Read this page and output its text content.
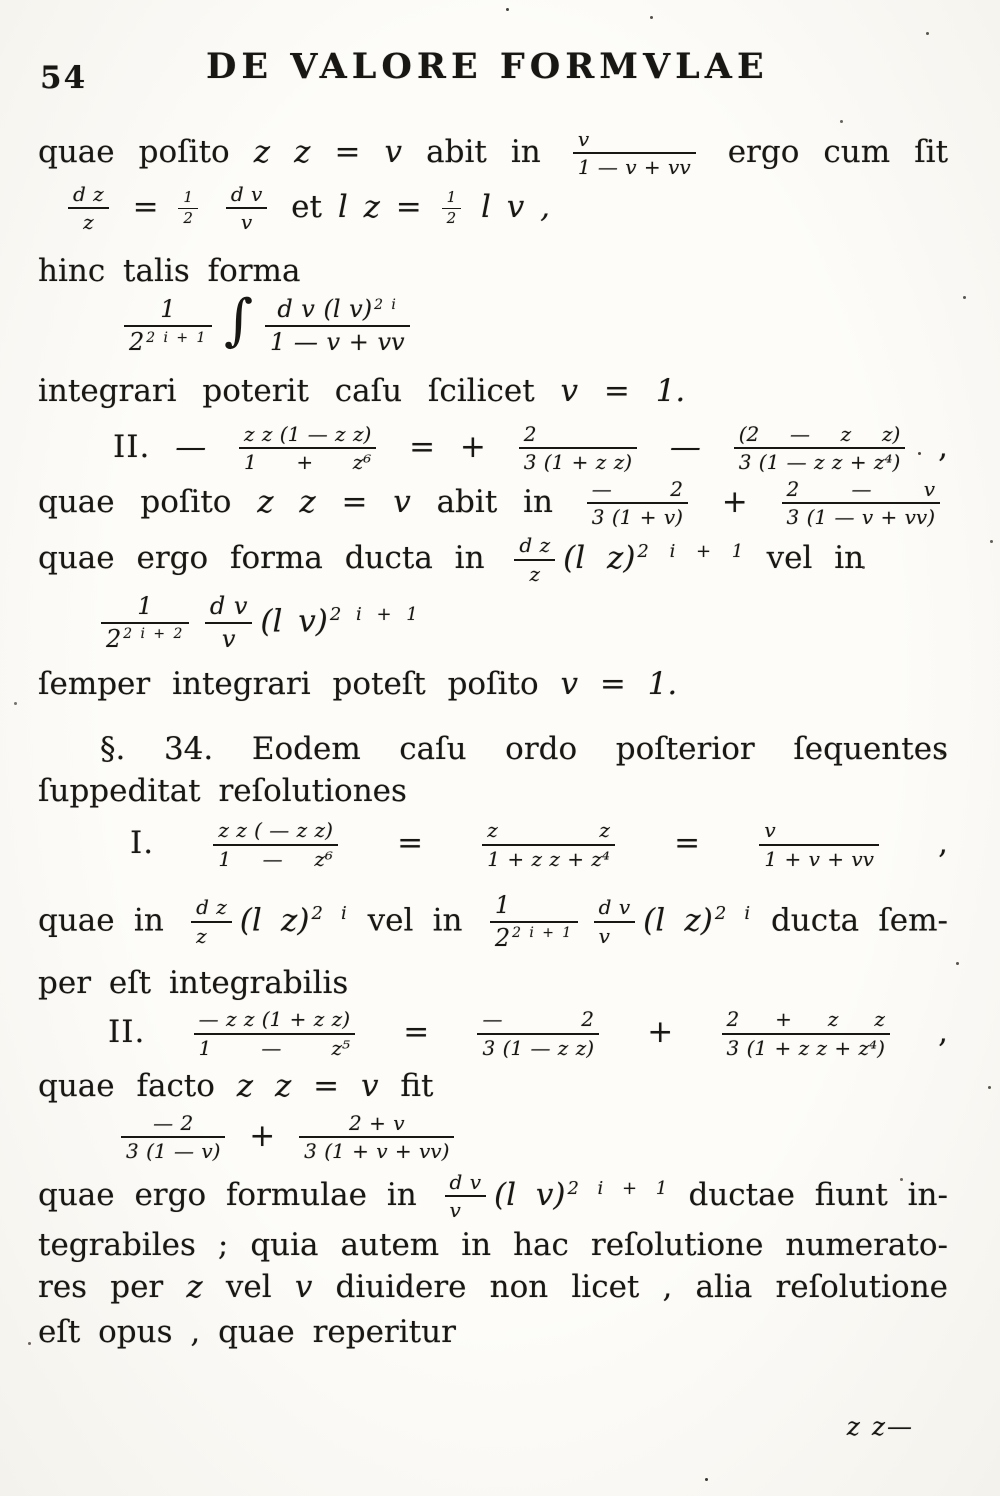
54	DE VALORE FORMVLAE
quae poſito z z = v abit in $\frac{v}{1 — v + vv}$ ergo cum ſit
$\frac{\text{d z}}{z} = \frac{1}{2}$
$\frac{\text{d v}}{v}$ et l $z = \frac{1}{2}$ l v ,
hinc talis forma
$\frac{1}{2 ^{2 i + 1}}$ ∫ $\frac{d v (l v) ^{2 i}}{1 — v + vv}$
integrari poterit caſu ſcilicet v = 1.
II. — $\frac{\text{z z (1 — z z)}}{\text{1 + z⁶}}$ = + $\frac{2}{\text{3 (1 + z z)}}$ — $\frac{\text{(2 — z z)}}{\text{3 (1 — z z + z⁴)}}$ ,
quae poſito z z = v abit in $\frac{— 2}{3 (1 + v)} + \frac{2 — v}{3 (1 — v + vv)}$
quae ergo forma ducta in $\frac{\text{d z}}{z} (l$ z) $^{2 i + 1}$ vel in
$\frac{1}{2 ^{2 i + 2}} \frac{\text{d v}}{v} (l$ v) $^{2 i + 1}$
ſemper integrari poteſt poſito v = 1.
§. 34. Eodem caſu ordo poſterior ſequentes
ſuppeditat reſolutiones
I.	$\frac{\text{z z ( — z z)}}{\text{1 — z⁶}}$ =	$\frac{\text{z z}}{\text{1 + z z + z⁴}}$ =	$\frac{v}{1 + v + vv}$ ,
quae in $\frac{\text{d z}}{z} (l$ z) $^{2 i}$ vel in $\frac{1}{2 ^{2 i + 1}} \frac{\text{d v}}{v} (l$ z) $^{2 i}$ ducta ſem-
per eſt integrabilis
II. $\frac{\text{— z z (1 + z z)}}{\text{1 — z⁵}} = \frac{— 2}{\text{3 (1 — z z)}} + \frac{\text{2 + z z}}{\text{3 (1 + z z + z⁴)}}$ ,
quae facto z z = v fit
$\frac{— 2}{3 (1 — v)} + \frac{2 + v}{3 (1 + v + vv)}$
quae ergo formulae in $\frac{\text{d v}}{v} (l$ v) $^{2 i + 1}$ ductae fiunt in-
tegrabiles ; quia autem in hac reſolutione numerato-
res per z vel v diuidere non licet , alia reſolutione
eſt opus , quae reperitur
z z—
